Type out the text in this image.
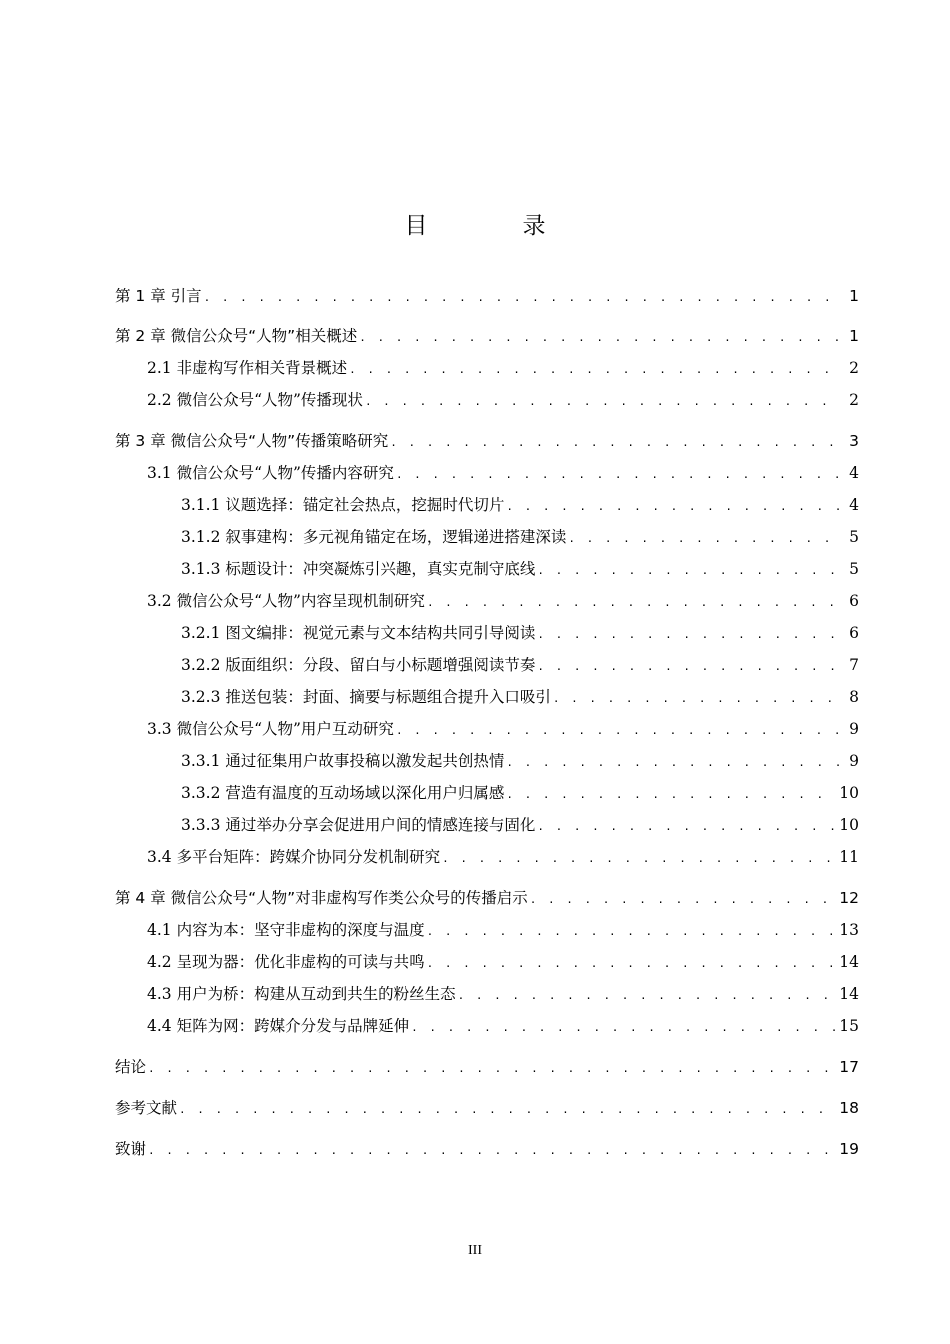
目　录
第 1 章 引言 . . .	1
第 2 章 微信公众号“人物”相关概述 . . .	1
2.1 非虚构写作相关背景概述 . . .	2
2.2 微信公众号“人物”传播现状 . . .	2
第 3 章 微信公众号“人物”传播策略研究 . . .	3
3.1 微信公众号“人物”传播内容研究 . . .	4
3.1.1 议题选择：锚定社会热点，挖掘时代切片 . . .	4
3.1.2 叙事建构：多元视角锚定在场，逻辑递进搭建深读 . . .	5
3.1.3 标题设计：冲突凝炼引兴趣，真实克制守底线 . . .	5
3.2 微信公众号“人物”内容呈现机制研究 . . .	6
3.2.1 图文编排：视觉元素与文本结构共同引导阅读 . . .	6
3.2.2 版面组织：分段、留白与小标题增强阅读节奏 . . .	7
3.2.3 推送包装：封面、摘要与标题组合提升入口吸引 . . .	8
3.3 微信公众号“人物”用户互动研究 . . .	9
3.3.1 通过征集用户故事投稿以激发起共创热情 . . .	9
3.3.2 营造有温度的互动场域以深化用户归属感 . . .	10
3.3.3 通过举办分享会促进用户间的情感连接与固化 . . .	10
3.4 多平台矩阵：跨媒介协同分发机制研究 . . .	11
第 4 章 微信公众号“人物”对非虚构写作类公众号的传播启示 . . .	12
4.1 内容为本：坚守非虚构的深度与温度 . . .	13
4.2 呈现为器：优化非虚构的可读与共鸣 . . .	14
4.3 用户为桥：构建从互动到共生的粉丝生态 . . .	14
4.4 矩阵为网：跨媒介分发与品牌延伸 . . .	15
结论 . . .	17
参考文献 . . .	18
致谢 . . .	19
III
